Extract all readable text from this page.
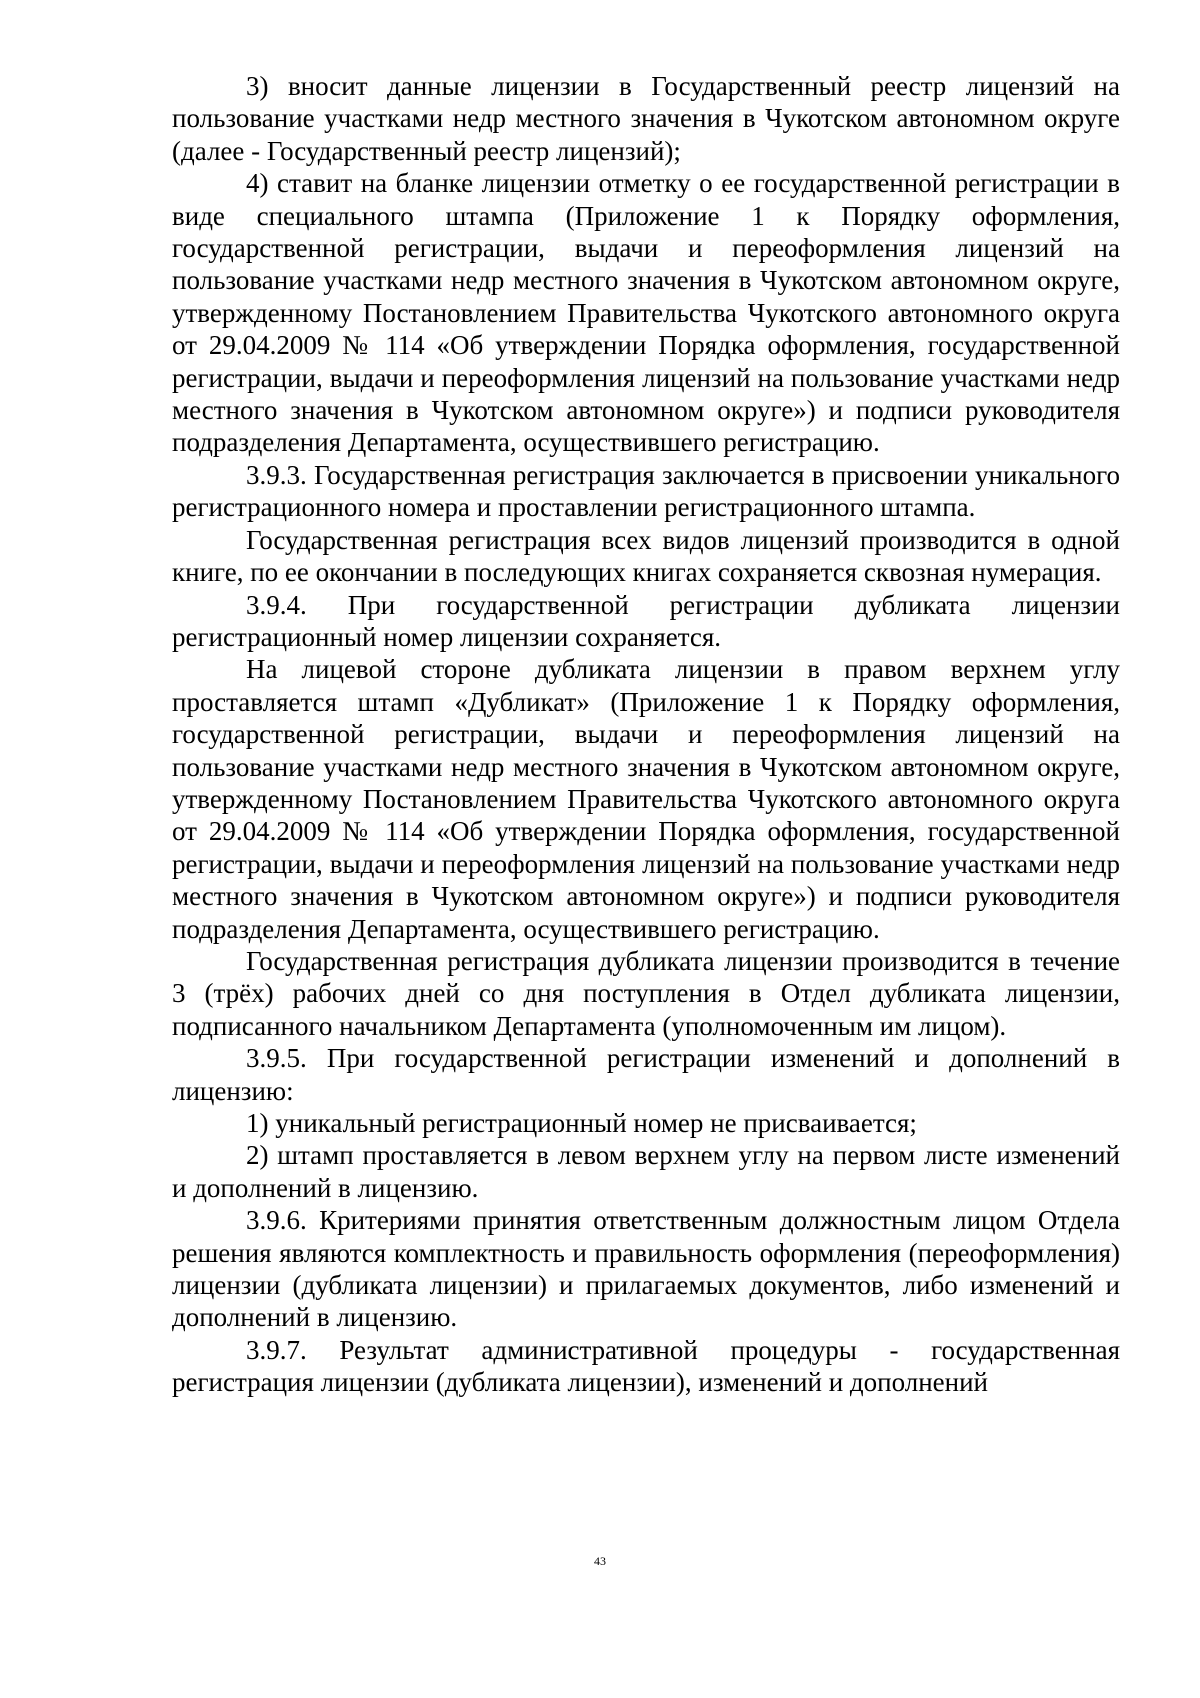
3) вносит данные лицензии в Государственный реестр лицензий на пользование участками недр местного значения в Чукотском автономном округе (далее - Государственный реестр лицензий);

4) ставит на бланке лицензии отметку о ее государственной регистрации в виде специального штампа (Приложение 1 к Порядку оформления, государственной регистрации, выдачи и переоформления лицензий на пользование участками недр местного значения в Чукотском автономном округе, утвержденному Постановлением Правительства Чукотского автономного округа от 29.04.2009 № 114 «Об утверждении Порядка оформления, государственной регистрации, выдачи и переоформления лицензий на пользование участками недр местного значения в Чукотском автономном округе») и подписи руководителя подразделения Департамента, осуществившего регистрацию.

3.9.3. Государственная регистрация заключается в присвоении уникального регистрационного номера и проставлении регистрационного штампа.

Государственная регистрация всех видов лицензий производится в одной книге, по ее окончании в последующих книгах сохраняется сквозная нумерация.

3.9.4. При государственной регистрации дубликата лицензии регистрационный номер лицензии сохраняется.

На лицевой стороне дубликата лицензии в правом верхнем углу проставляется штамп «Дубликат» (Приложение 1 к Порядку оформления, государственной регистрации, выдачи и переоформления лицензий на пользование участками недр местного значения в Чукотском автономном округе, утвержденному Постановлением Правительства Чукотского автономного округа от 29.04.2009 № 114 «Об утверждении Порядка оформления, государственной регистрации, выдачи и переоформления лицензий на пользование участками недр местного значения в Чукотском автономном округе») и подписи руководителя подразделения Департамента, осуществившего регистрацию.

Государственная регистрация дубликата лицензии производится в течение 3 (трёх) рабочих дней со дня поступления в Отдел дубликата лицензии, подписанного начальником Департамента (уполномоченным им лицом).

3.9.5. При государственной регистрации изменений и дополнений в лицензию:

1) уникальный регистрационный номер не присваивается;

2) штамп проставляется в левом верхнем углу на первом листе изменений и дополнений в лицензию.

3.9.6. Критериями принятия ответственным должностным лицом Отдела решения являются комплектность и правильность оформления (переоформления) лицензии (дубликата лицензии) и прилагаемых документов, либо изменений и дополнений в лицензию.

3.9.7. Результат административной процедуры - государственная регистрация лицензии (дубликата лицензии), изменений и дополнений

43
